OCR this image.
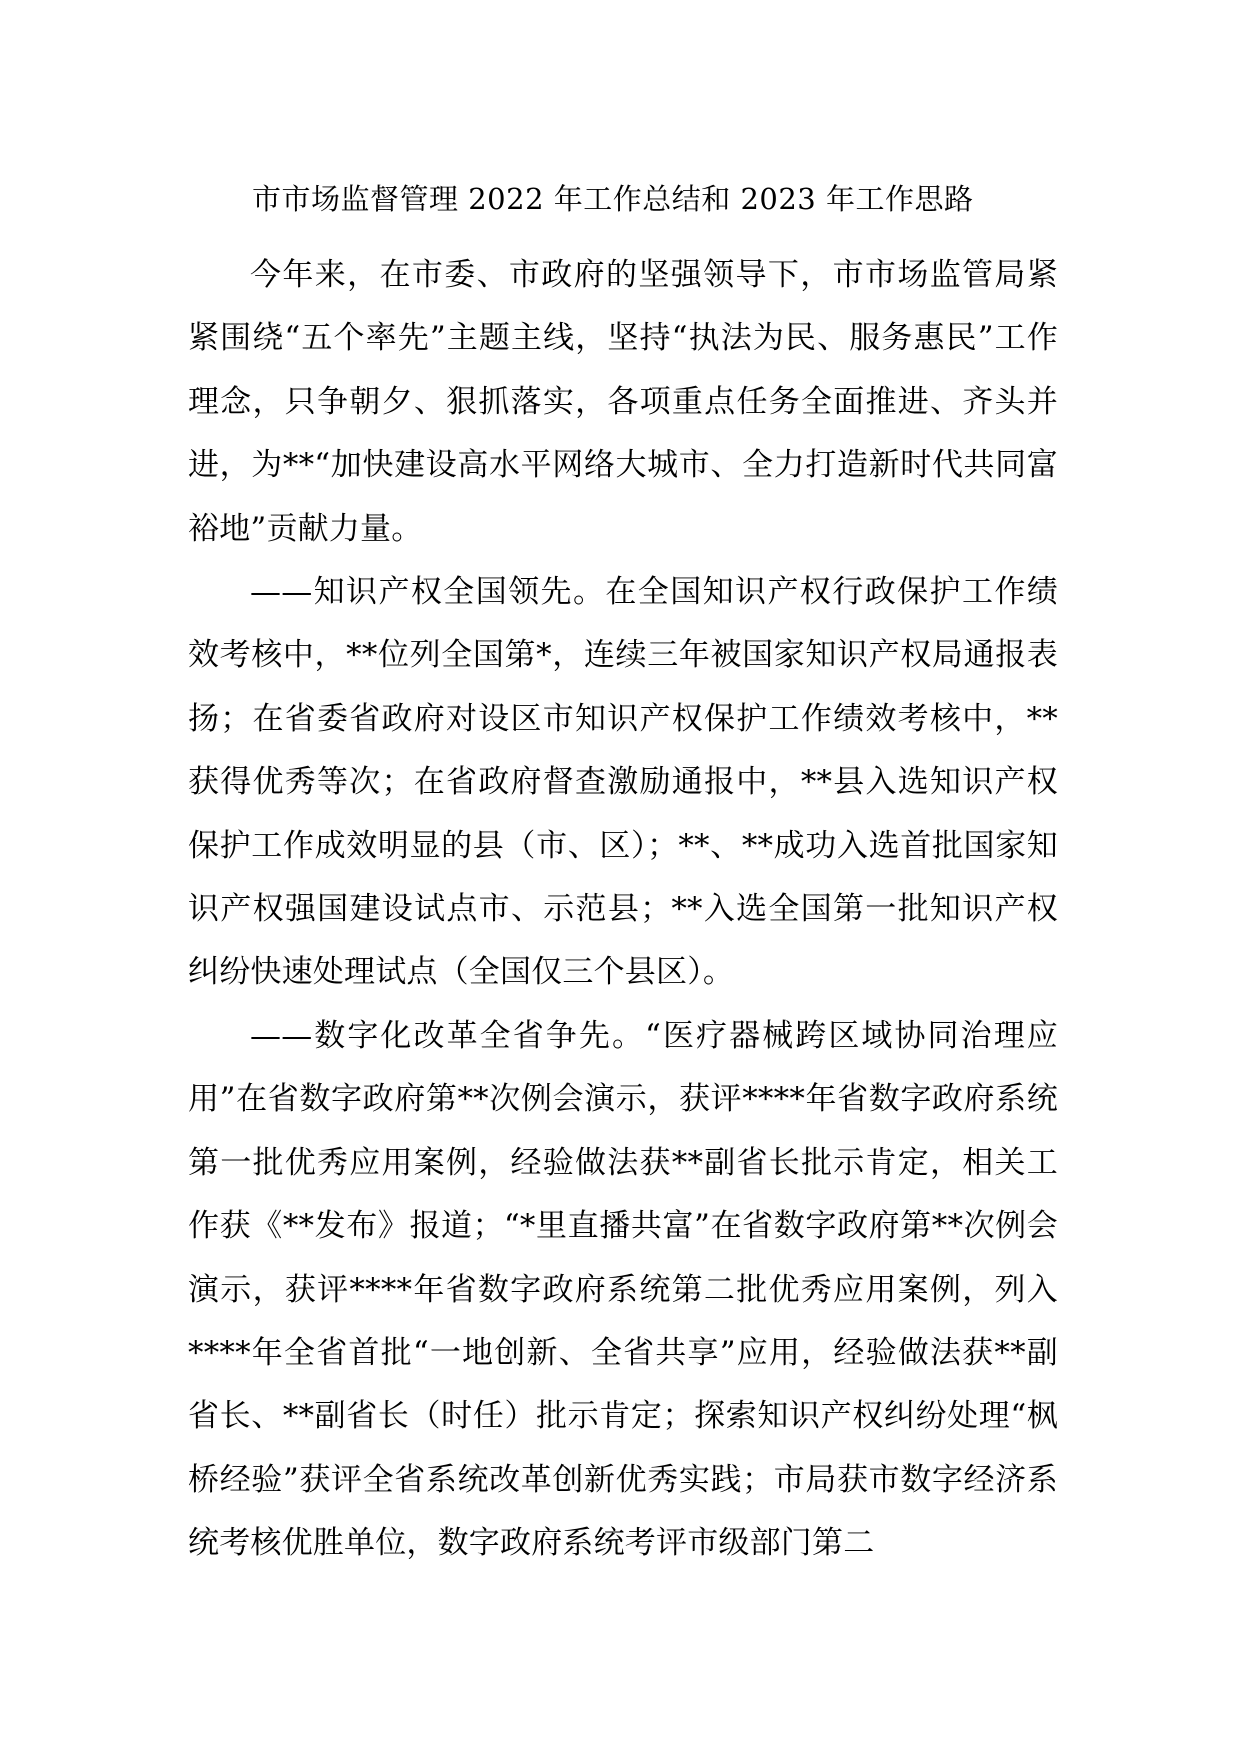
市市场监督管理 2022 年工作总结和 2023 年工作思路

今年来，在市委、市政府的坚强领导下，市市场监管局紧紧围绕“五个率先”主题主线，坚持“执法为民、服务惠民”工作理念，只争朝夕、狠抓落实，各项重点任务全面推进、齐头并进，为**“加快建设高水平网络大城市、全力打造新时代共同富裕地”贡献力量。

——知识产权全国领先。在全国知识产权行政保护工作绩效考核中，**位列全国第*，连续三年被国家知识产权局通报表扬；在省委省政府对设区市知识产权保护工作绩效考核中，**获得优秀等次；在省政府督查激励通报中，**县入选知识产权保护工作成效明显的县（市、区）；**、**成功入选首批国家知识产权强国建设试点市、示范县；**入选全国第一批知识产权纠纷快速处理试点（全国仅三个县区）。

——数字化改革全省争先。“医疗器械跨区域协同治理应用”在省数字政府第**次例会演示，获评****年省数字政府系统第一批优秀应用案例，经验做法获**副省长批示肯定，相关工作获《**发布》报道；“*里直播共富”在省数字政府第**次例会演示，获评****年省数字政府系统第二批优秀应用案例，列入****年全省首批“一地创新、全省共享”应用，经验做法获**副省长、**副省长（时任）批示肯定；探索知识产权纠纷处理“枫桥经验”获评全省系统改革创新优秀实践；市局获市数字经济系统考核优胜单位，数字政府系统考评市级部门第二
